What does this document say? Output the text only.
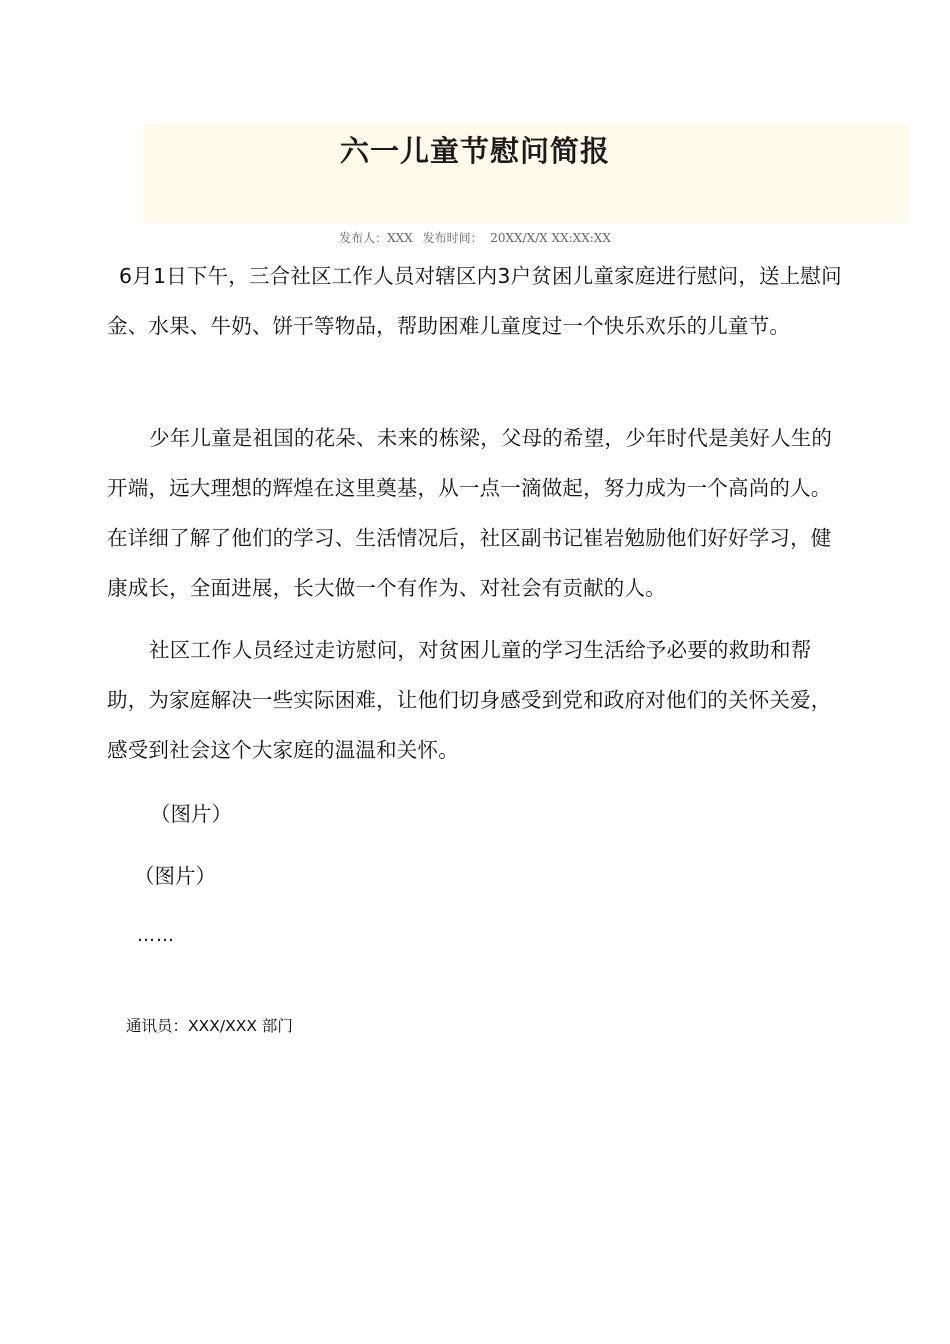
六一儿童节慰问简报
发布人：XXX 发布时间：  20XX/X/X XX:XX:XX

6月1日下午，三合社区工作人员对辖区内3户贫困儿童家庭进行慰问，送上慰问金、水果、牛奶、饼干等物品，帮助困难儿童度过一个快乐欢乐的儿童节。

少年儿童是祖国的花朵、未来的栋梁，父母的希望，少年时代是美好人生的开端，远大理想的辉煌在这里奠基，从一点一滴做起，努力成为一个高尚的人。在详细了解了他们的学习、生活情况后，社区副书记崔岩勉励他们好好学习，健康成长，全面进展，长大做一个有作为、对社会有贡献的人。

社区工作人员经过走访慰问，对贫困儿童的学习生活给予必要的救助和帮助，为家庭解决一些实际困难，让他们切身感受到党和政府对他们的关怀关爱，感受到社会这个大家庭的温温和关怀。

（图片）
（图片）
……
通讯员：XXX/XXX 部门
